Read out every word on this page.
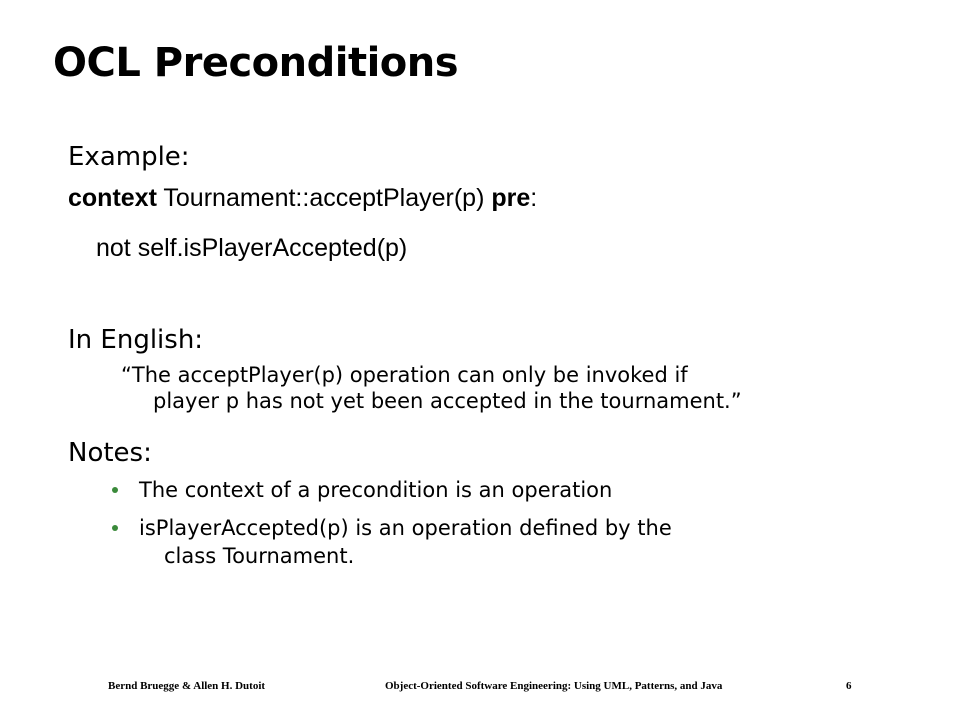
OCL Preconditions
Example:
context Tournament::acceptPlayer(p) pre:
not self.isPlayerAccepted(p)
In English:
“The acceptPlayer(p) operation can only be invoked if
player p has not yet been accepted in the tournament.”
Notes:
The context of a precondition is an operation
isPlayerAccepted(p) is an operation defined by the
class Tournament.
Bernd Bruegge & Allen H. Dutoit	Object-Oriented Software Engineering: Using UML, Patterns, and Java	6
